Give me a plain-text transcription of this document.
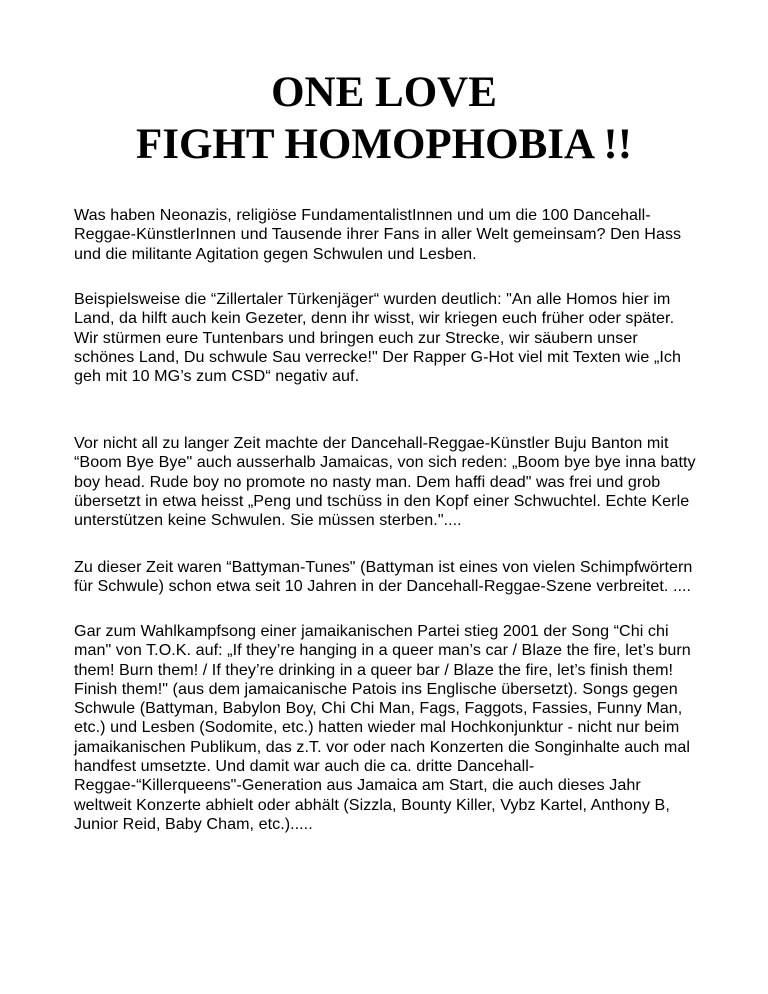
ONE LOVE
FIGHT HOMOPHOBIA !!

Was haben Neonazis, religiöse FundamentalistInnen und um die 100 Dancehall-Reggae-KünstlerInnen und Tausende ihrer Fans in aller Welt gemeinsam? Den Hass und die militante Agitation gegen Schwulen und Lesben.

Beispielsweise die “Zillertaler Türkenjäger“ wurden deutlich: "An alle Homos hier im Land, da hilft auch kein Gezeter, denn ihr wisst, wir kriegen euch früher oder später. Wir stürmen eure Tuntenbars und bringen euch zur Strecke, wir säubern unser schönes Land, Du schwule Sau verrecke!" Der Rapper G-Hot viel mit Texten wie „Ich geh mit 10 MG’s zum CSD“ negativ auf.

Vor nicht all zu langer Zeit machte der Dancehall-Reggae-Künstler Buju Banton mit “Boom Bye Bye" auch ausserhalb Jamaicas, von sich reden: „Boom bye bye inna batty boy head. Rude boy no promote no nasty man. Dem haffi dead" was frei und grob übersetzt in etwa heisst „Peng und tschüss in den Kopf einer Schwuchtel. Echte Kerle unterstützen keine Schwulen. Sie müssen sterben."....

Zu dieser Zeit waren “Battyman-Tunes" (Battyman ist eines von vielen Schimpfwörtern für Schwule) schon etwa seit 10 Jahren in der Dancehall-Reggae-Szene verbreitet. ....

Gar zum Wahlkampfsong einer jamaikanischen Partei stieg 2001 der Song “Chi chi man" von T.O.K. auf: „If they’re hanging in a queer man’s car / Blaze the fire, let’s burn them! Burn them! / If they’re drinking in a queer bar / Blaze the fire, let’s finish them! Finish them!" (aus dem jamaicanische Patois ins Englische übersetzt). Songs gegen Schwule (Battyman, Babylon Boy, Chi Chi Man, Fags, Faggots, Fassies, Funny Man, etc.) und Lesben (Sodomite, etc.) hatten wieder mal Hochkonjunktur - nicht nur beim jamaikanischen Publikum, das z.T. vor oder nach Konzerten die Songinhalte auch mal handfest umsetzte. Und damit war auch die ca. dritte Dancehall-Reggae-“Killerqueens"-Generation aus Jamaica am Start, die auch dieses Jahr weltweit Konzerte abhielt oder abhält (Sizzla, Bounty Killer, Vybz Kartel, Anthony B, Junior Reid, Baby Cham, etc.).....
